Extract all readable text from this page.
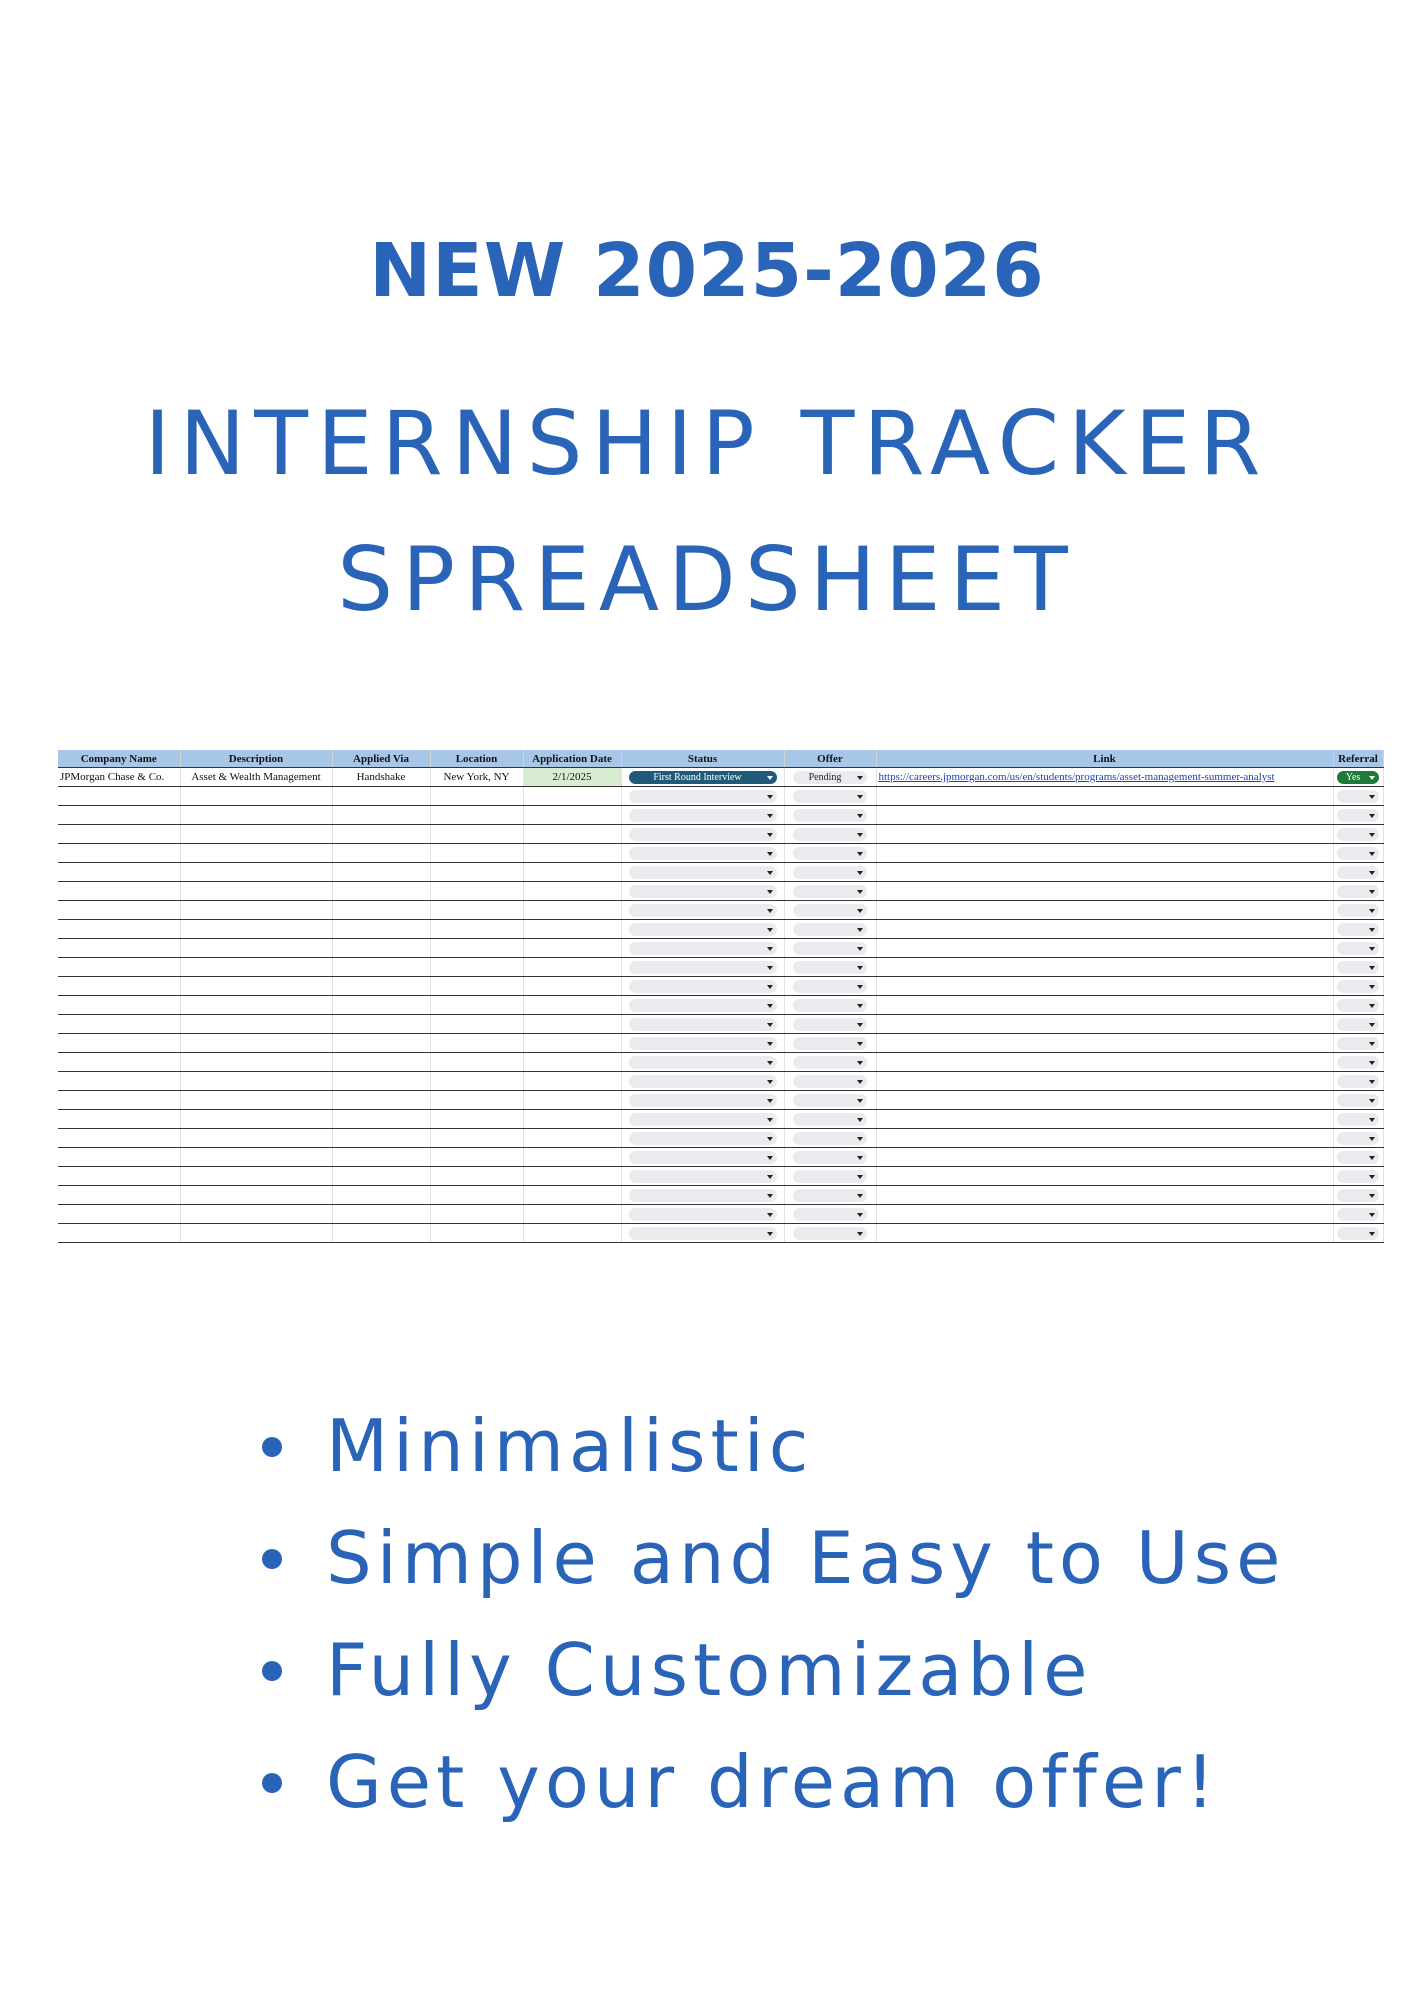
NEW 2025-2026
INTERNSHIP TRACKER
SPREADSHEET
Company Name	Description	Applied Via	Location	Application Date	Status	Offer	Link	Referral
JPMorgan Chase & Co.	Asset & Wealth Management	Handshake	New York, NY	2/1/2025	First Round Interview	Pending	https://careers.jpmorgan.com/us/en/students/programs/asset-management-summer-analyst	Yes

Minimalistic
Simple and Easy to Use
Fully Customizable
Get your dream offer!
